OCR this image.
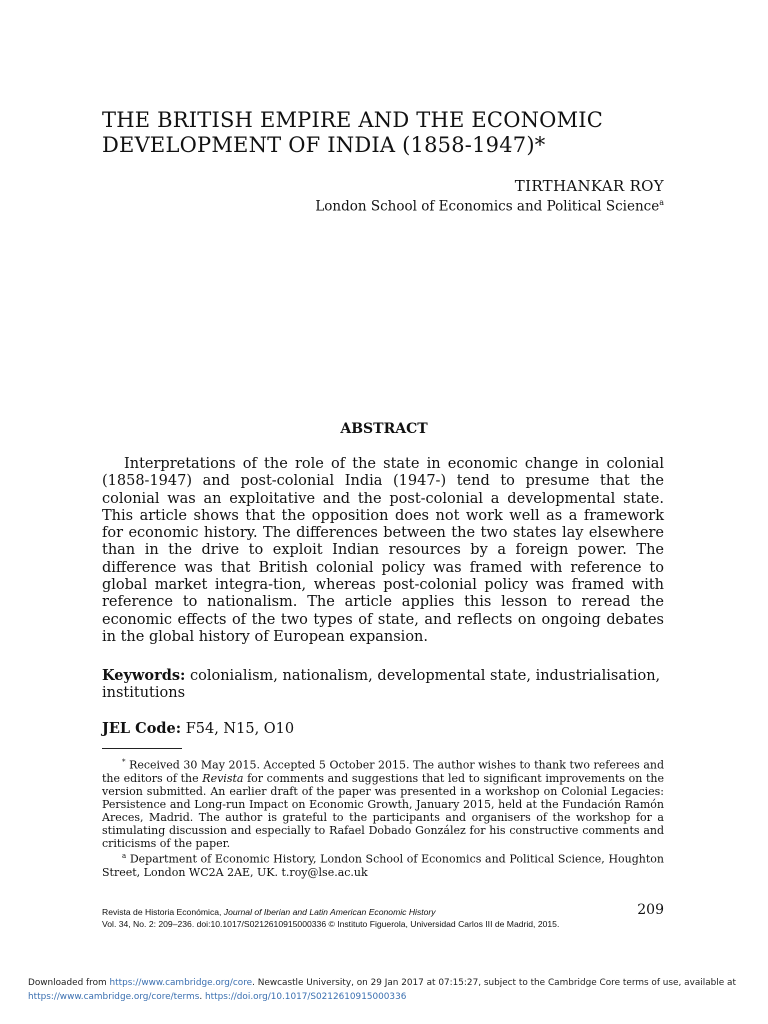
THE BRITISH EMPIRE AND THE ECONOMIC DEVELOPMENT OF INDIA (1858-1947)*
TIRTHANKAR ROY
London School of Economics and Political Science$^a$
ABSTRACT

Interpretations of the role of the state in economic change in colonial (1858-1947) and post-colonial India (1947-) tend to presume that the colonial was an exploitative and the post-colonial a developmental state. This article shows that the opposition does not work well as a framework for economic history. The differences between the two states lay elsewhere than in the drive to exploit Indian resources by a foreign power. The difference was that British colonial policy was framed with reference to global market integra-tion, whereas post-colonial policy was framed with reference to nationalism. The article applies this lesson to reread the economic effects of the two types of state, and reflects on ongoing debates in the global history of European expansion.

Keywords: colonialism, nationalism, developmental state, industrialisation, institutions

JEL Code: F54, N15, O10

* Received 30 May 2015. Accepted 5 October 2015. The author wishes to thank two referees and the editors of the Revista for comments and suggestions that led to significant improvements on the version submitted. An earlier draft of the paper was presented in a workshop on Colonial Legacies: Persistence and Long-run Impact on Economic Growth, January 2015, held at the Fundación Ramón Areces, Madrid. The author is grateful to the participants and organisers of the workshop for a stimulating discussion and especially to Rafael Dobado González for his constructive comments and criticisms of the paper.

$^a$ Department of Economic History, London School of Economics and Political Science, Houghton Street, London WC2A 2AE, UK. t.roy@lse.ac.uk

Revista de Historia Económica, Journal of Iberian and Latin American Economic History
Vol. 34, No. 2: 209–236. doi:10.1017/S0212610915000336 © Instituto Figuerola, Universidad Carlos III de Madrid, 2015.
209
Downloaded from https://www.cambridge.org/core. Newcastle University, on 29 Jan 2017 at 07:15:27, subject to the Cambridge Core terms of use, available at
https://www.cambridge.org/core/terms. https://doi.org/10.1017/S0212610915000336
